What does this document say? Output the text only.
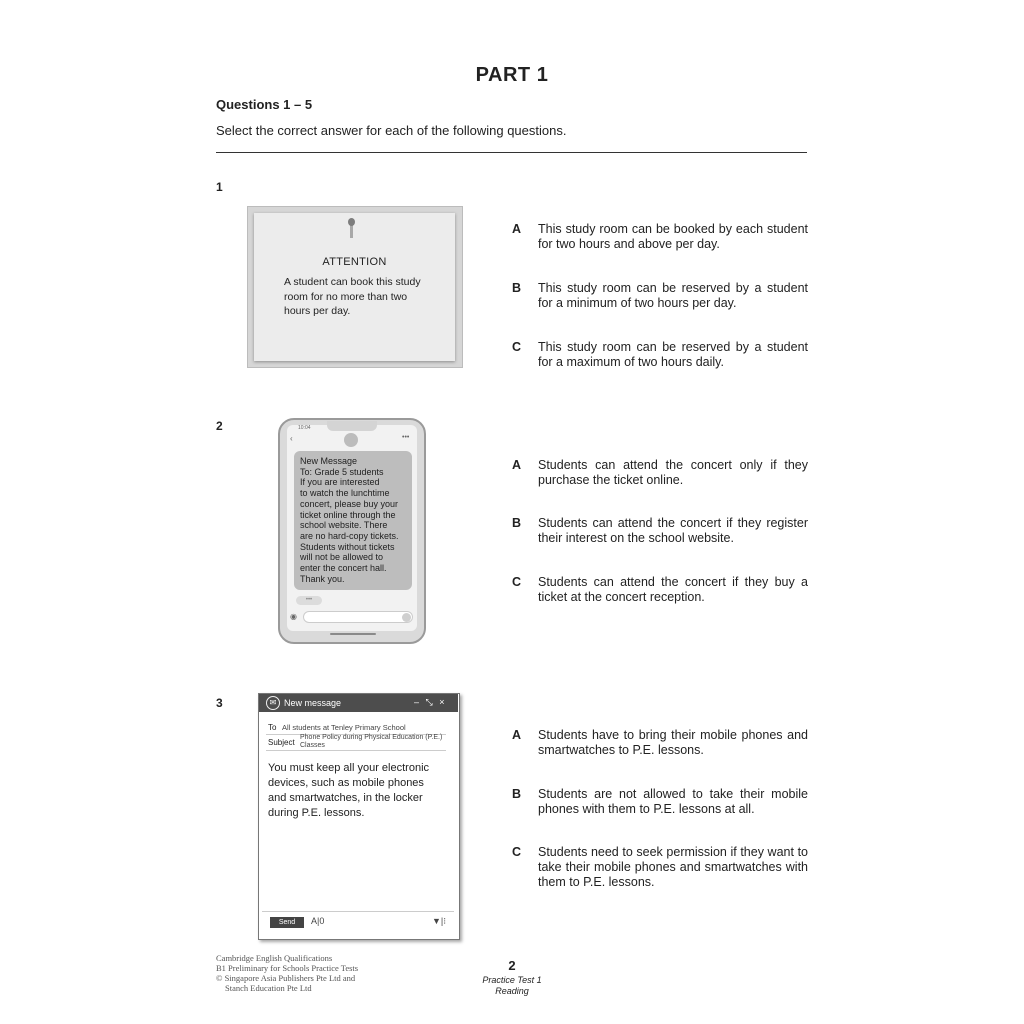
PART 1
Questions 1 – 5
Select the correct answer for each of the following questions.
1
ATTENTION
A student can book this study room for no more than two hours per day.
A This study room can be booked by each student for two hours and above per day.
B This study room can be reserved by a student for a minimum of two hours per day.
C This study room can be reserved by a student for a maximum of two hours daily.
2	10:04
‹	•••
New Message
To: Grade 5 students
If you are interested
to watch the lunchtime
concert, please buy your
ticket online through the
school website. There
are no hard-copy tickets.
Students without tickets
will not be allowed to
enter the concert hall.
Thank you.
•••
◉
A Students can attend the concert only if they purchase the ticket online.
B Students can attend the concert if they register their interest on the school website.
C Students can attend the concert if they buy a ticket at the concert reception.
3	✉ New message	– ⤡ ×
To All students at Tenley Primary School
Subject
Phone Policy during Physical Education (P.E.) Classes
You must keep all your electronic devices, such as mobile phones and smartwatches, in the locker during P.E. lessons.
Send	A|0	▼|⁝
A Students have to bring their mobile phones and smartwatches to P.E. lessons.
B Students are not allowed to take their mobile phones with them to P.E. lessons at all.
C Students need to seek permission if they want to take their mobile phones and smartwatches with them to P.E. lessons.
Cambridge English Qualifications
B1 Preliminary for Schools Practice Tests
© Singapore Asia Publishers Pte Ltd and
Stanch Education Pte Ltd
2
Practice Test 1
Reading
